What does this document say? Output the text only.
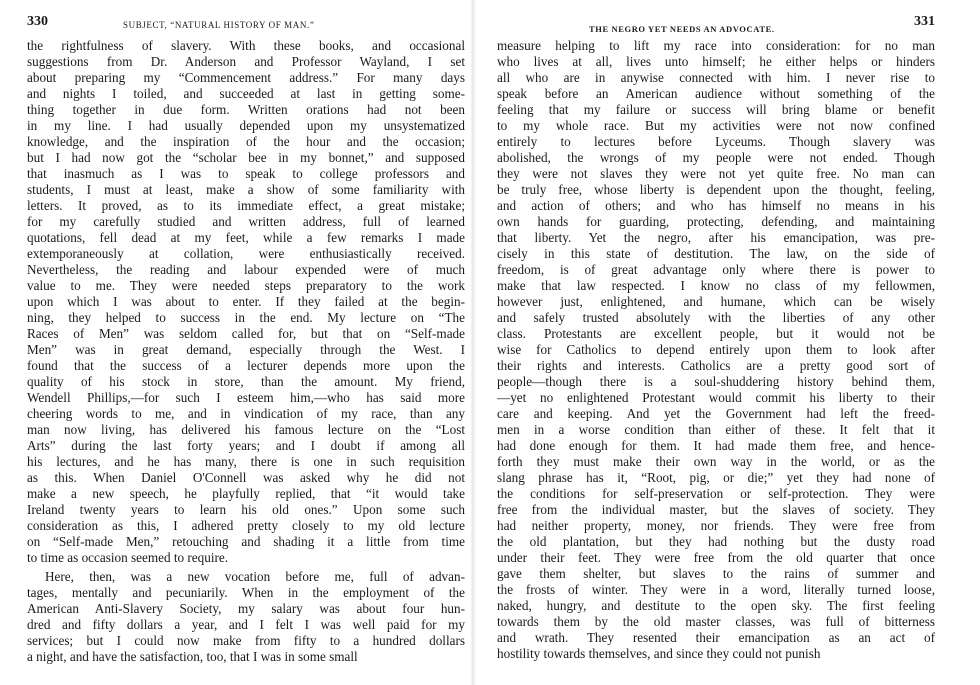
330	SUBJECT, “NATURAL HISTORY OF MAN.”
the rightfulness of slavery. With these books, and occasional
suggestions from Dr. Anderson and Professor Wayland, I set
about preparing my “Commencement address.” For many days
and nights I toiled, and succeeded at last in getting some-
thing together in due form. Written orations had not been
in my line. I had usually depended upon my unsystematized
knowledge, and the inspiration of the hour and the occasion;
but I had now got the “scholar bee in my bonnet,” and supposed
that inasmuch as I was to speak to college professors and
students, I must at least, make a show of some familiarity with
letters. It proved, as to its immediate effect, a great mistake;
for my carefully studied and written address, full of learned
quotations, fell dead at my feet, while a few remarks I made
extemporaneously at collation, were enthusiastically received.
Nevertheless, the reading and labour expended were of much
value to me. They were needed steps preparatory to the work
upon which I was about to enter. If they failed at the begin-
ning, they helped to success in the end. My lecture on “The
Races of Men” was seldom called for, but that on “Self-made
Men” was in great demand, especially through the West. I
found that the success of a lecturer depends more upon the
quality of his stock in store, than the amount. My friend,
Wendell Phillips,—for such I esteem him,—who has said more
cheering words to me, and in vindication of my race, than any
man now living, has delivered his famous lecture on the “Lost
Arts” during the last forty years; and I doubt if among all
his lectures, and he has many, there is one in such requisition
as this. When Daniel O'Connell was asked why he did not
make a new speech, he playfully replied, that “it would take
Ireland twenty years to learn his old ones.” Upon some such
consideration as this, I adhered pretty closely to my old lecture
on “Self-made Men,” retouching and shading it a little from time
to time as occasion seemed to require.
Here, then, was a new vocation before me, full of advan-
tages, mentally and pecuniarily. When in the employment of the
American Anti-Slavery Society, my salary was about four hun-
dred and fifty dollars a year, and I felt I was well paid for my
services; but I could now make from fifty to a hundred dollars
a night, and have the satisfaction, too, that I was in some small
THE NEGRO YET NEEDS AN ADVOCATE.	331
measure helping to lift my race into consideration: for no man
who lives at all, lives unto himself; he either helps or hinders
all who are in anywise connected with him. I never rise to
speak before an American audience without something of the
feeling that my failure or success will bring blame or benefit
to my whole race. But my activities were not now confined
entirely to lectures before Lyceums. Though slavery was
abolished, the wrongs of my people were not ended. Though
they were not slaves they were not yet quite free. No man can
be truly free, whose liberty is dependent upon the thought, feeling,
and action of others; and who has himself no means in his
own hands for guarding, protecting, defending, and maintaining
that liberty. Yet the negro, after his emancipation, was pre-
cisely in this state of destitution. The law, on the side of
freedom, is of great advantage only where there is power to
make that law respected. I know no class of my fellowmen,
however just, enlightened, and humane, which can be wisely
and safely trusted absolutely with the liberties of any other
class. Protestants are excellent people, but it would not be
wise for Catholics to depend entirely upon them to look after
their rights and interests. Catholics are a pretty good sort of
people—though there is a soul-shuddering history behind them,
—yet no enlightened Protestant would commit his liberty to their
care and keeping. And yet the Government had left the freed-
men in a worse condition than either of these. It felt that it
had done enough for them. It had made them free, and hence-
forth they must make their own way in the world, or as the
slang phrase has it, “Root, pig, or die;” yet they had none of
the conditions for self-preservation or self-protection. They were
free from the individual master, but the slaves of society. They
had neither property, money, nor friends. They were free from
the old plantation, but they had nothing but the dusty road
under their feet. They were free from the old quarter that once
gave them shelter, but slaves to the rains of summer and
the frosts of winter. They were in a word, literally turned loose,
naked, hungry, and destitute to the open sky. The first feeling
towards them by the old master classes, was full of bitterness
and wrath. They resented their emancipation as an act of
hostility towards themselves, and since they could not punish
